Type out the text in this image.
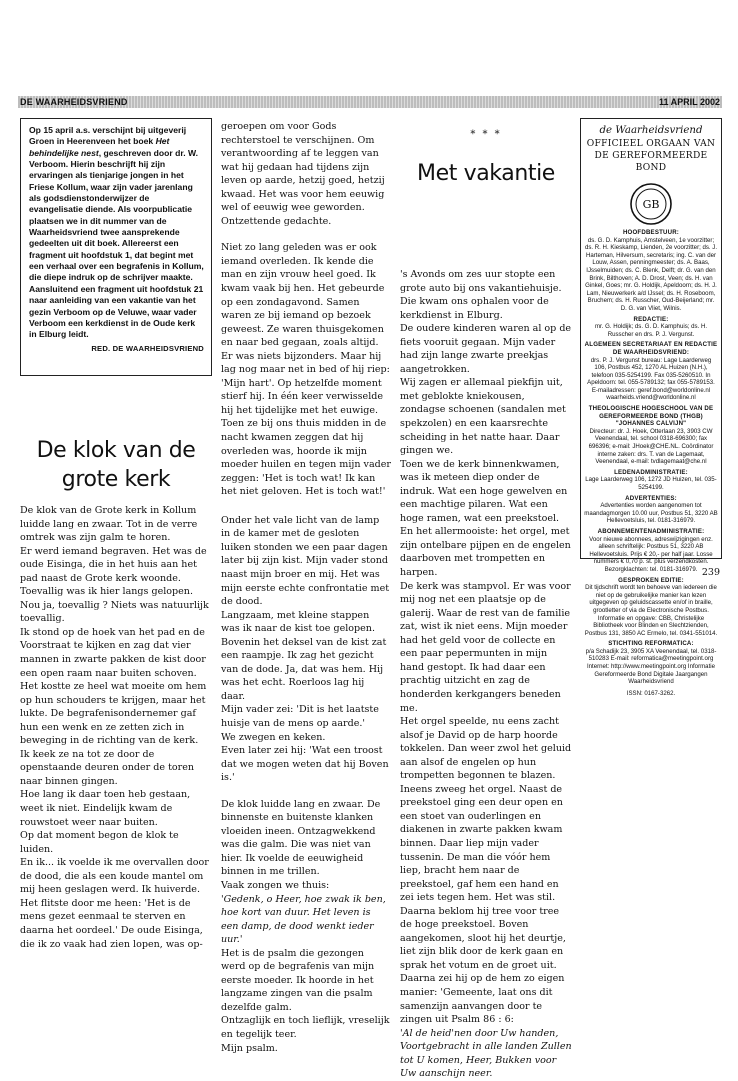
DE WAARHEIDSVRIEND	11 APRIL 2002

Op 15 april a.s. verschijnt bij uitgeverij Groen in Heerenveen het boek Het behindelijke nest, geschreven door dr. W. Verboom. Hierin beschrijft hij zijn ervaringen als tienjarige jongen in het Friese Kollum, waar zijn vader jarenlang als godsdienstonderwijzer de evangelisatie diende. Als voorpublicatie plaatsen we in dit nummer van de Waarheidsvriend twee aansprekende gedeelten uit dit boek. Allereerst een fragment uit hoofdstuk 1, dat begint met een verhaal over een begrafenis in Kollum, die diepe indruk op de schrijver maakte. Aansluitend een fragment uit hoofdstuk 21 naar aanleiding van een vakantie van het gezin Verboom op de Veluwe, waar vader Verboom een kerkdienst in de Oude kerk in Elburg leidt.

RED. DE WAARHEIDSVRIEND

De klok van de grote kerk

De klok van de Grote kerk in Kollum luidde lang en zwaar. Tot in de verre omtrek was zijn galm te horen.

Er werd iemand begraven. Het was de oude Eisinga, die in het huis aan het pad naast de Grote kerk woonde. Toevallig was ik hier langs gelopen. Nou ja, toevallig ? Niets was natuurlijk toevallig.

Ik stond op de hoek van het pad en de Voorstraat te kijken en zag dat vier mannen in zwarte pakken de kist door een open raam naar buiten schoven. Het kostte ze heel wat moeite om hem op hun schouders te krijgen, maar het lukte. De begrafenisondernemer gaf hun een wenk en ze zetten zich in beweging in de richting van de kerk.

Ik keek ze na tot ze door de openstaande deuren onder de toren naar binnen gingen.

Hoe lang ik daar toen heb gestaan, weet ik niet. Eindelijk kwam de rouwstoet weer naar buiten.

Op dat moment begon de klok te luiden.

En ik... ik voelde ik me overvallen door de dood, die als een koude mantel om mij heen geslagen werd. Ik huiverde. Het flitste door me heen: 'Het is de mens gezet eenmaal te sterven en daarna het oordeel.' De oude Eisinga, die ik zo vaak had zien lopen, was op-

geroepen om voor Gods rechterstoel te verschijnen. Om verantwoording af te leggen van wat hij gedaan had tijdens zijn leven op aarde, hetzij goed, hetzij kwaad. Het was voor hem eeuwig wel of eeuwig wee geworden. Ontzettende gedachte.

Niet zo lang geleden was er ook iemand overleden. Ik kende die man en zijn vrouw heel goed. Ik kwam vaak bij hen. Het gebeurde op een zondagavond. Samen waren ze bij iemand op bezoek geweest. Ze waren thuisgekomen en naar bed gegaan, zoals altijd. Er was niets bijzonders. Maar hij lag nog maar net in bed of hij riep: 'Mijn hart'. Op hetzelfde moment stierf hij. In één keer verwisselde hij het tijdelijke met het euwige. Toen ze bij ons thuis midden in de nacht kwamen zeggen dat hij overleden was, hoorde ik mijn moeder huilen en tegen mijn vader zeggen: 'Het is toch wat! Ik kan het niet geloven. Het is toch wat!'

Onder het vale licht van de lamp in de kamer met de gesloten luiken stonden we een paar dagen later bij zijn kist. Mijn vader stond naast mijn broer en mij. Het was mijn eerste echte confrontatie met de dood.

Langzaam, met kleine stappen was ik naar de kist toe gelopen. Bovenin het deksel van de kist zat een raampje. Ik zag het gezicht van de dode. Ja, dat was hem. Hij was het echt. Roerloos lag hij daar.

Mijn vader zei: 'Dit is het laatste huisje van de mens op aarde.'

We zwegen en keken.

Even later zei hij: 'Wat een troost dat we mogen weten dat hij Boven is.'

De klok luidde lang en zwaar. De binnenste en buitenste klanken vloeiden ineen. Ontzagwekkend was die galm. Die was niet van hier. Ik voelde de eeuwigheid binnen in me trillen.

Vaak zongen we thuis:

'Gedenk, o Heer, hoe zwak ik ben, hoe kort van duur. Het leven is een damp, de dood wenkt ieder uur.'

Het is de psalm die gezongen werd op de begrafenis van mijn eerste moeder. Ik hoorde in het langzame zingen van die psalm dezelfde galm.

Ontzaglijk en toch lieflijk, vreselijk en tegelijk teer.

Mijn psalm.

* * *
Met vakantie

's Avonds om zes uur stopte een grote auto bij ons vakantiehuisje. Die kwam ons ophalen voor de kerkdienst in Elburg.

De oudere kinderen waren al op de fiets vooruit gegaan. Mijn vader had zijn lange zwarte preekjas aangetrokken.

Wij zagen er allemaal piekfijn uit, met geblokte kniekousen, zondagse schoenen (sandalen met spekzolen) en een kaarsrechte scheiding in het natte haar. Daar gingen we.

Toen we de kerk binnenkwamen, was ik meteen diep onder de indruk. Wat een hoge gewelven en een machtige pilaren. Wat een hoge ramen, wat een preekstoel. En het allermooiste: het orgel, met zijn ontelbare pijpen en de engelen daarboven met trompetten en harpen.

De kerk was stampvol. Er was voor mij nog net een plaatsje op de galerij. Waar de rest van de familie zat, wist ik niet eens. Mijn moeder had het geld voor de collecte en een paar pepermunten in mijn hand gestopt. Ik had daar een prachtig uitzicht en zag de honderden kerkgangers beneden me.

Het orgel speelde, nu eens zacht alsof je David op de harp hoorde tokkelen. Dan weer zwol het geluid aan alsof de engelen op hun trompetten begonnen te blazen.

Ineens zweeg het orgel. Naast de preekstoel ging een deur open en een stoet van ouderlingen en diakenen in zwarte pakken kwam binnen. Daar liep mijn vader tussenin. De man die vóór hem liep, bracht hem naar de preekstoel, gaf hem een hand en zei iets tegen hem. Het was stil. Daarna beklom hij tree voor tree de hoge preekstoel. Boven aangekomen, sloot hij het deurtje, liet zijn blik door de kerk gaan en sprak het votum en de groet uit.

Daarna zei hij op de hem zo eigen manier: 'Gemeente, laat ons dit samenzijn aanvangen door te zingen uit Psalm 86 : 6:

'Al de heid'nen door Uw handen, Voortgebracht in alle landen Zullen tot U komen, Heer, Bukken voor Uw aanschijn neer.

de Waarheidsvriend
OFFICIEEL ORGAAN VAN DE GEREFORMEERDE BOND
GB
HOOFDBESTUUR:
ds. G. D. Kamphuis, Amstelveen, 1e voorzitter; ds. R. H. Kieskamp, Lienden, 2e voorzitter; ds. J. Harteman, Hilversum, secretaris; ing. C. van der Louw, Assen, penningmeester; ds. A. Baas, IJsselmuiden; ds. C. Blenk, Delft; dr. G. van den Brink, Bilthoven; A. D. Drost, Veen; ds. H. van Ginkel, Goes; mr. G. Holdijk, Apeldoorn; ds. H. J. Lam, Nieuwerkerk a/d IJssel; ds. H. Roseboom, Bruchem; ds. H. Russcher, Oud-Beijerland; mr. D. G. van Vliet, Wilnis.
REDACTIE:
mr. G. Holdijk; ds. G. D. Kamphuis; ds. H. Russcher en drs. P. J. Vergunst.
ALGEMEEN SECRETARIAAT EN REDACTIE DE WAARHEIDSVRIEND:
drs. P. J. Vergunst bureau: Lage Laarderweg 106, Postbus 452, 1270 AL Huizen (N.H.), telefoon 035-5254199. Fax 035-5260510. In Apeldoorn: tel. 055-5789132; fax 055-5789153. E-mailadressen: geref.bond@worldonline.nl waarheids.vriend@worldonline.nl
THEOLOGISCHE HOGESCHOOL VAN DE GEREFORMEERDE BOND (THGB) "JOHANNES CALVIJN"
Directeur: dr. J. Hoek, Otterlaan 23, 3903 CW Veenendaal, tel. school 0318-696300; fax 696396; e-mail: JHoek@CHE.NL. Coördinator interne zaken: drs. T. van de Lagemaat, Veenendaal, e-mail: tvdlagemaat@che.nl
LEDENADMINISTRATIE:
Lage Laarderweg 106, 1272 JD Huizen, tel. 035-5254199.
ADVERTENTIES:
Advertenties worden aangenomen tot maandagmorgen 10.00 uur, Postbus 51, 3220 AB Hellevoetsluis, tel. 0181-316979.
ABONNEMENTENADMINISTRATIE:
Voor nieuwe abonnees, adreswijzigingen enz. alleen schriftelijk: Postbus 51, 3220 AB Hellevoetsluis. Prijs € 20,- per half jaar. Losse nummers € 0,70 p. st. plus verzendkosten. Bezorgklachten: tel. 0181-316979.
GESPROKEN EDITIE:
Dit tijdschrift wordt ten behoeve van iedereen die niet op de gebruikelijke manier kan lezen uitgegeven op geluidscassette en/of in braille, grootletter of via de Electronische Postbus. Informatie en opgave: CBB, Christelijke Bibliotheek voor Blinden en Slechtzienden, Postbus 131, 3850 AC Ermelo, tel. 0341-551014.
STICHTING REFORMATICA:
p/a Schadijk 23, 3905 XA Veenendaal, tel. 0318-510283 E-mail: reformatica@meetingpoint.org Internet: http://www.meetingpoint.org Informatie Gereformeerde Bond Digitale Jaargangen Waarheidsvriend
ISSN: 0167-3262.
239
